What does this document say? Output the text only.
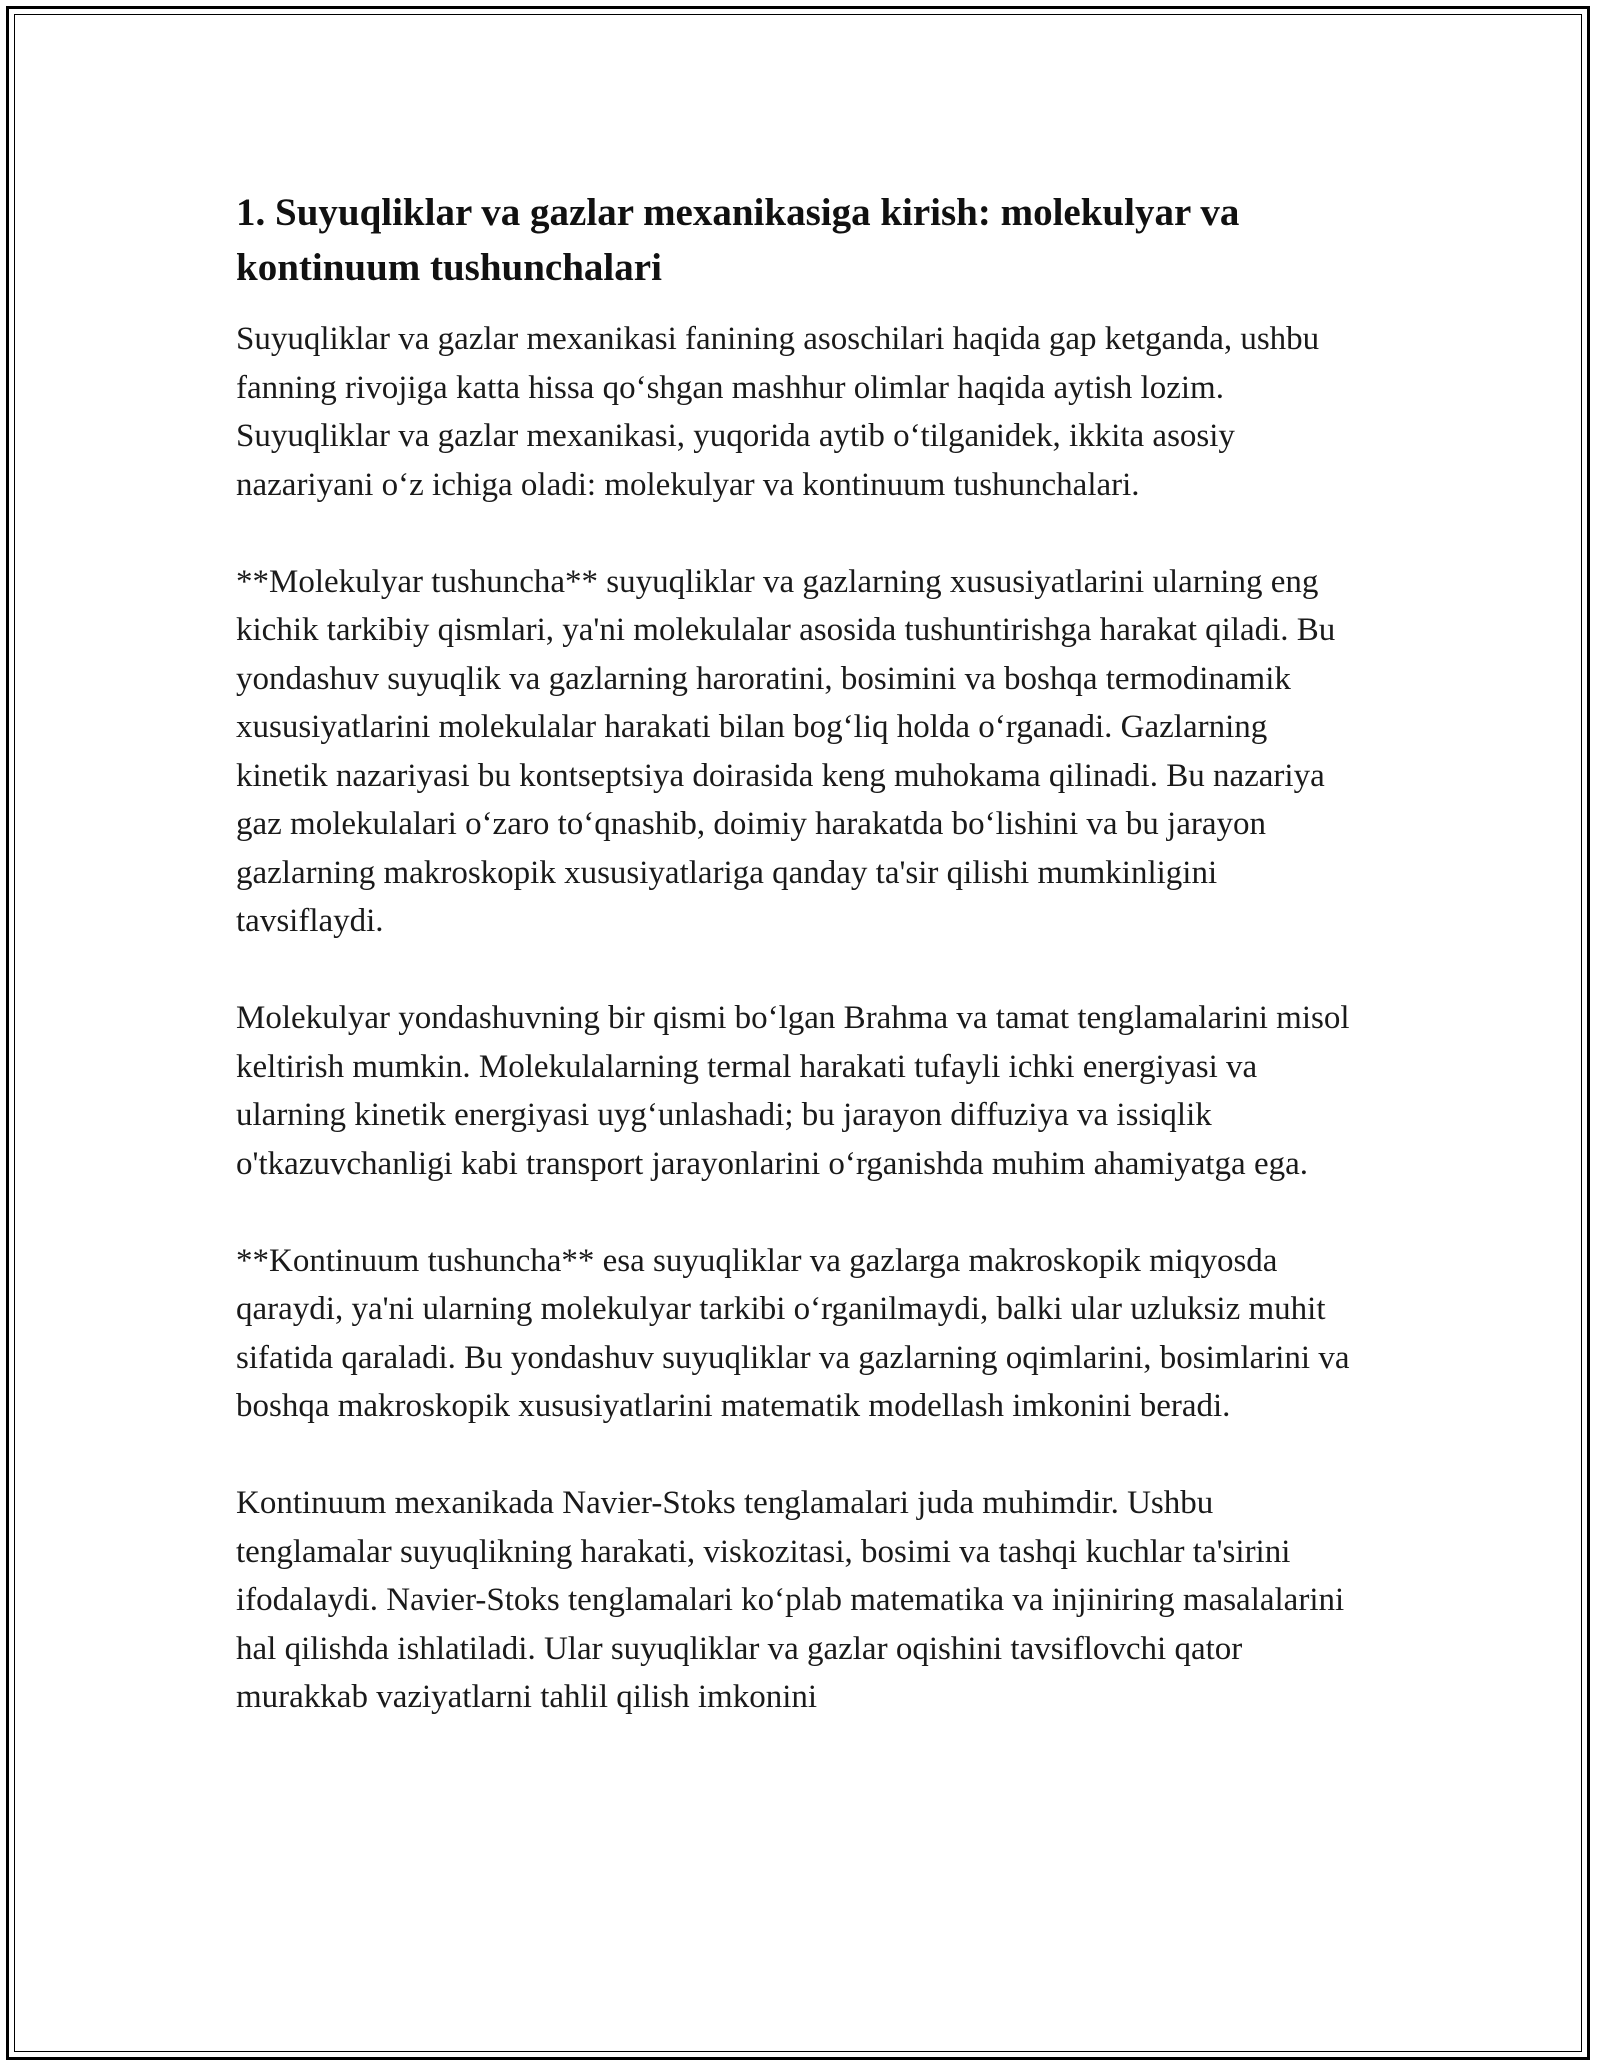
1. Suyuqliklar va gazlar mexanikasiga kirish: molekulyar va kontinuum tushunchalari

Suyuqliklar va gazlar mexanikasi fanining asoschilari haqida gap ketganda, ushbu fanning rivojiga katta hissa qo‘shgan mashhur olimlar haqida aytish lozim. Suyuqliklar va gazlar mexanikasi, yuqorida aytib o‘tilganidek, ikkita asosiy nazariyani o‘z ichiga oladi: molekulyar va kontinuum tushunchalari.

**Molekulyar tushuncha** suyuqliklar va gazlarning xususiyatlarini ularning eng kichik tarkibiy qismlari, ya'ni molekulalar asosida tushuntirishga harakat qiladi. Bu yondashuv suyuqlik va gazlarning haroratini, bosimini va boshqa termodinamik xususiyatlarini molekulalar harakati bilan bog‘liq holda o‘rganadi. Gazlarning kinetik nazariyasi bu kontseptsiya doirasida keng muhokama qilinadi. Bu nazariya gaz molekulalari o‘zaro to‘qnashib, doimiy harakatda bo‘lishini va bu jarayon gazlarning makroskopik xususiyatlariga qanday ta'sir qilishi mumkinligini tavsiflaydi.

Molekulyar yondashuvning bir qismi bo‘lgan Brahma va tamat tenglamalarini misol keltirish mumkin. Molekulalarning termal harakati tufayli ichki energiyasi va ularning kinetik energiyasi uyg‘unlashadi; bu jarayon diffuziya va issiqlik o'tkazuvchanligi kabi transport jarayonlarini o‘rganishda muhim ahamiyatga ega.

**Kontinuum tushuncha** esa suyuqliklar va gazlarga makroskopik miqyosda qaraydi, ya'ni ularning molekulyar tarkibi o‘rganilmaydi, balki ular uzluksiz muhit sifatida qaraladi. Bu yondashuv suyuqliklar va gazlarning oqimlarini, bosimlarini va boshqa makroskopik xususiyatlarini matematik modellash imkonini beradi.

Kontinuum mexanikada Navier-Stoks tenglamalari juda muhimdir. Ushbu tenglamalar suyuqlikning harakati, viskozitasi, bosimi va tashqi kuchlar ta'sirini ifodalaydi. Navier-Stoks tenglamalari ko‘plab matematika va injiniring masalalarini hal qilishda ishlatiladi. Ular suyuqliklar va gazlar oqishini tavsiflovchi qator murakkab vaziyatlarni tahlil qilish imkonini
